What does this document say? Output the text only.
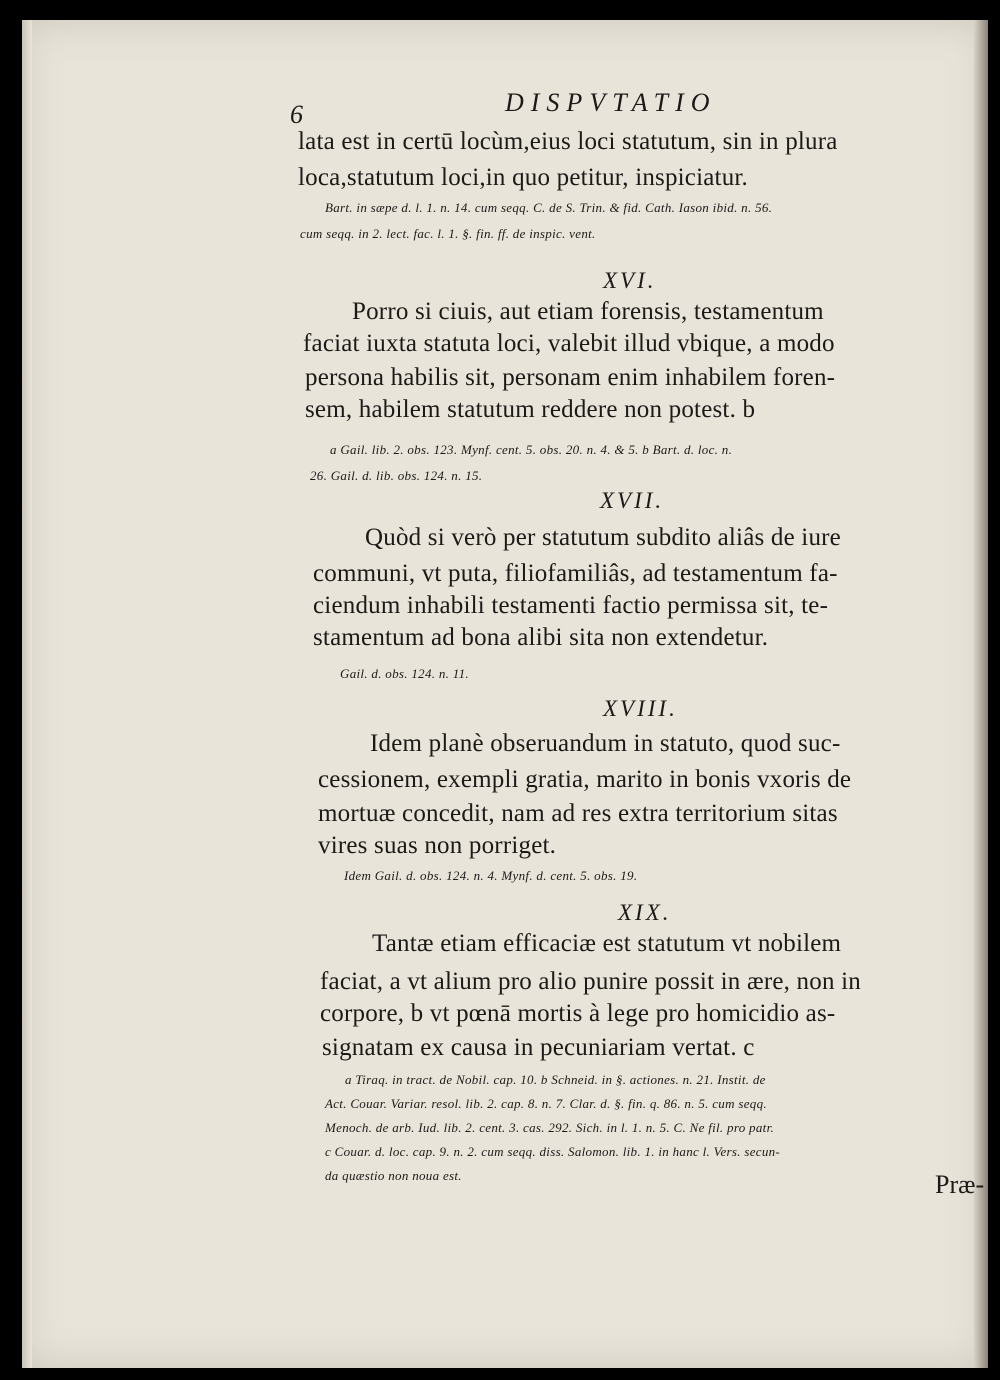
6	DISPVTATIO
lata est in certū locùm,eius loci statutum, sin in plura
loca,statutum loci,in quo petitur, inspiciatur.
Bart. in sæpe d. l. 1. n. 14. cum seqq. C. de S. Trin. & fid. Cath. Iason ibid. n. 56.
cum seqq. in 2. lect. fac. l. 1. §. fin. ff. de inspic. vent.
XVI.
Porro si ciuis, aut etiam forensis, testamentum
faciat iuxta statuta loci, valebit illud vbique, a modo
persona habilis sit, personam enim inhabilem foren-
sem, habilem statutum reddere non potest. b
a Gail. lib. 2. obs. 123. Mynf. cent. 5. obs. 20. n. 4. & 5. b Bart. d. loc. n.
26. Gail. d. lib. obs. 124. n. 15.
XVII.
Quòd si verò per statutum subdito aliâs de iure
communi, vt puta, filiofamiliâs, ad testamentum fa-
ciendum inhabili testamenti factio permissa sit, te-
stamentum ad bona alibi sita non extendetur.
Gail. d. obs. 124. n. 11.
XVIII.
Idem planè obseruandum in statuto, quod suc-
cessionem, exempli gratia, marito in bonis vxoris de
mortuæ concedit, nam ad res extra territorium sitas
vires suas non porriget.
Idem Gail. d. obs. 124. n. 4. Mynf. d. cent. 5. obs. 19.
XIX.
Tantæ etiam efficaciæ est statutum vt nobilem
faciat, a vt alium pro alio punire possit in ære, non in
corpore, b vt pœnā mortis à lege pro homicidio as-
signatam ex causa in pecuniariam vertat. c
a Tiraq. in tract. de Nobil. cap. 10. b Schneid. in §. actiones. n. 21. Instit. de
Act. Couar. Variar. resol. lib. 2. cap. 8. n. 7. Clar. d. §. fin. q. 86. n. 5. cum seqq.
Menoch. de arb. Iud. lib. 2. cent. 3. cas. 292. Sich. in l. 1. n. 5. C. Ne fil. pro patr.
c Couar. d. loc. cap. 9. n. 2. cum seqq. diss. Salomon. lib. 1. in hanc l. Vers. secun-
da quæstio non noua est.	Præ-
